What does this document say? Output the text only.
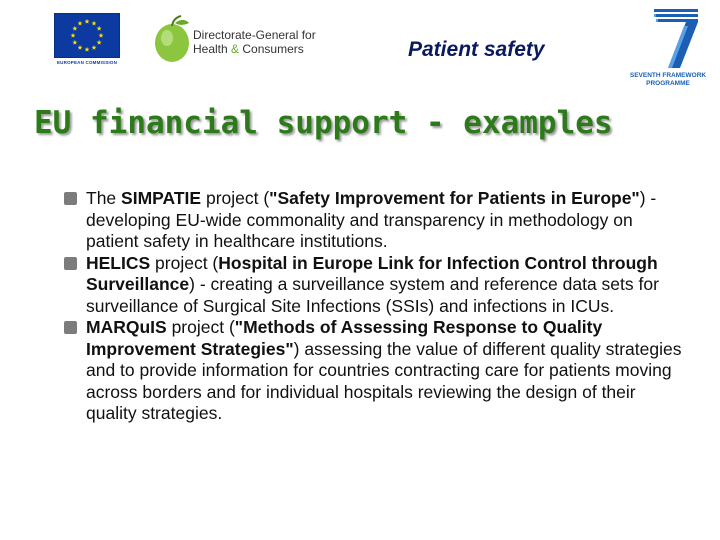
EUROPEAN COMMISSION
Directorate-General for
Health & Consumers	Patient safety
SEVENTH FRAMEWORK
PROGRAMME
EU financial support - examples
The SIMPATIE project ("Safety Improvement for Patients in Europe") - developing EU-wide commonality and transparency in methodology on patient safety in healthcare institutions.
HELICS project (Hospital in Europe Link for Infection Control through Surveillance) - creating a surveillance system and reference data sets for surveillance of Surgical Site Infections (SSIs) and infections in ICUs.
MARQuIS project ("Methods of Assessing Response to Quality Improvement Strategies") assessing the value of different quality strategies and to provide information for countries contracting care for patients moving across borders and for individual hospitals reviewing the design of their quality strategies.
